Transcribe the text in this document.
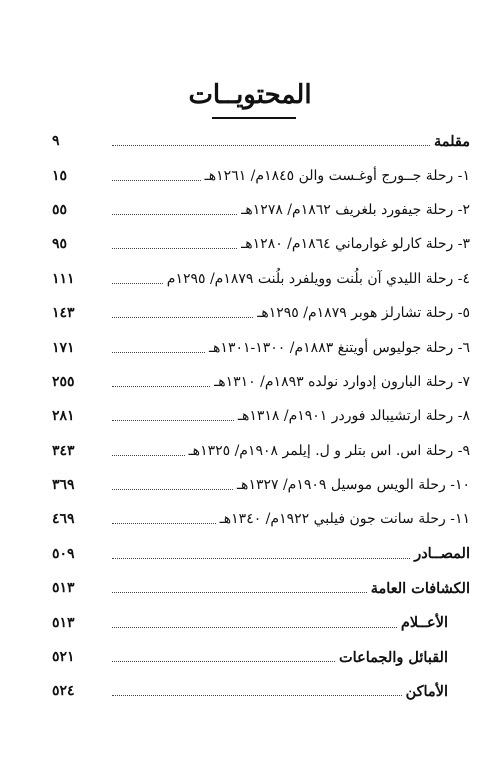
المحتويــات
مقلمة
٩
١- رحلة جــورج أوغـست والن ١٨٤٥م/ ١٢٦١هـ
١٥
٢- رحلة جيفورد بلغريف ١٨٦٢م/ ١٢٧٨هـ
٥٥
٣- رحلة كارلو غوارماني ١٨٦٤م/ ١٢٨٠هـ
٩٥
٤- رحلة الليدي آن بلُنت وويلفرد بلُنت ١٨٧٩م/ ١٢٩٥م
١١١
٥- رحلة تشارلز هوبر ١٨٧٩م/ ١٢٩٥هـ
١٤٣
٦- رحلة جوليوس أويتنغ ١٨٨٣م/ ١٣٠٠-١٣٠١هـ
١٧١
٧- رحلة البارون إدوارد نولده ١٨٩٣م/ ١٣١٠هـ
٢٥٥
٨- رحلة ارتشيبالد فوردر ١٩٠١م/ ١٣١٨هـ
٢٨١
٩- رحلة اس. اس بتلر و ل. إيلمر ١٩٠٨م/ ١٣٢٥هـ
٣٤٣
١٠- رحلة الويس موسيل ١٩٠٩م/ ١٣٢٧هـ
٣٦٩
١١- رحلة سانت جون فيلبي ١٩٢٢م/ ١٣٤٠هـ
٤٦٩
المصــادر
٥٠٩
الكشافات العامة
٥١٣
الأعــلام
٥١٣
القبائل والجماعات
٥٢١
الأماكن
٥٢٤
